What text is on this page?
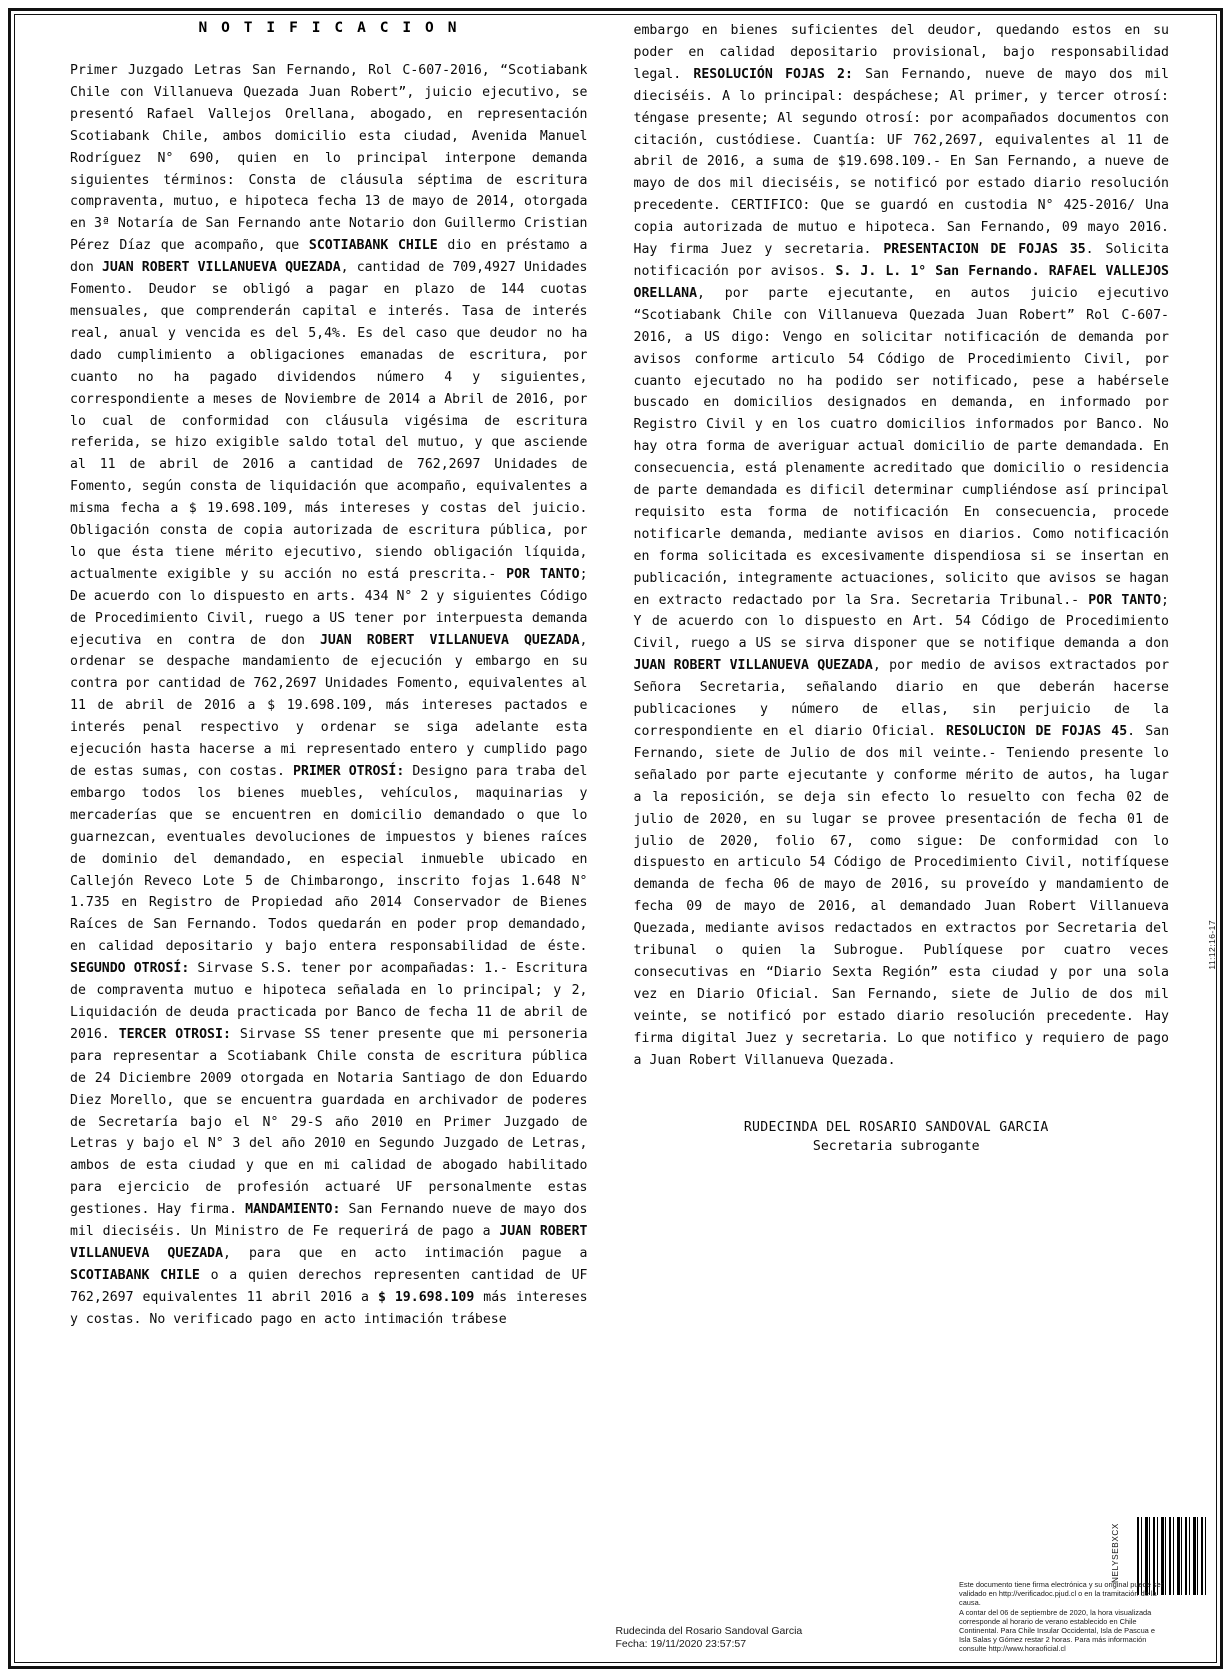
N O T I F I C A C I O N

Primer Juzgado Letras San Fernando, Rol C-607-2016, “Scotiabank Chile con Villanueva Quezada Juan Robert”, juicio ejecutivo, se presentó Rafael Vallejos Orellana, abogado, en representación Scotiabank Chile, ambos domicilio esta ciudad, Avenida Manuel Rodríguez N° 690, quien en lo principal interpone demanda siguientes términos: Consta de cláusula séptima de escritura compraventa, mutuo, e hipoteca fecha 13 de mayo de 2014, otorgada en 3ª Notaría de San Fernando ante Notario don Guillermo Cristian Pérez Díaz que acompaño, que SCOTIABANK CHILE dio en préstamo a don JUAN ROBERT VILLANUEVA QUEZADA, cantidad de 709,4927 Unidades Fomento. Deudor se obligó a pagar en plazo de 144 cuotas mensuales, que comprenderán capital e interés. Tasa de interés real, anual y vencida es del 5,4%. Es del caso que deudor no ha dado cumplimiento a obligaciones emanadas de escritura, por cuanto no ha pagado dividendos número 4 y siguientes, correspondiente a meses de Noviembre de 2014 a Abril de 2016, por lo cual de conformidad con cláusula vigésima de escritura referida, se hizo exigible saldo total del mutuo, y que asciende al 11 de abril de 2016 a cantidad de 762,2697 Unidades de Fomento, según consta de liquidación que acompaño, equivalentes a misma fecha a $ 19.698.109, más intereses y costas del juicio. Obligación consta de copia autorizada de escritura pública, por lo que ésta tiene mérito ejecutivo, siendo obligación líquida, actualmente exigible y su acción no está prescrita.- POR TANTO; De acuerdo con lo dispuesto en arts. 434 N° 2 y siguientes Código de Procedimiento Civil, ruego a US tener por interpuesta demanda ejecutiva en contra de don JUAN ROBERT VILLANUEVA QUEZADA, ordenar se despache mandamiento de ejecución y embargo en su contra por cantidad de 762,2697 Unidades Fomento, equivalentes al 11 de abril de 2016 a $ 19.698.109, más intereses pactados e interés penal respectivo y ordenar se siga adelante esta ejecución hasta hacerse a mi representado entero y cumplido pago de estas sumas, con costas. PRIMER OTROSÍ: Designo para traba del embargo todos los bienes muebles, vehículos, maquinarias y mercaderías que se encuentren en domicilio demandado o que lo guarnezcan, eventuales devoluciones de impuestos y bienes raíces de dominio del demandado, en especial inmueble ubicado en Callejón Reveco Lote 5 de Chimbarongo, inscrito fojas 1.648 N° 1.735 en Registro de Propiedad año 2014 Conservador de Bienes Raíces de San Fernando. Todos quedarán en poder prop demandado, en calidad depositario y bajo entera responsabilidad de éste. SEGUNDO OTROSÍ: Sirvase S.S. tener por acompañadas: 1.- Escritura de compraventa mutuo e hipoteca señalada en lo principal; y 2, Liquidación de deuda practicada por Banco de fecha 11 de abril de 2016. TERCER OTROSI: Sirvase SS tener presente que mi personeria para representar a Scotiabank Chile consta de escritura pública de 24 Diciembre 2009 otorgada en Notaria Santiago de don Eduardo Diez Morello, que se encuentra guardada en archivador de poderes de Secretaría bajo el N° 29-S año 2010 en Primer Juzgado de Letras y bajo el N° 3 del año 2010 en Segundo Juzgado de Letras, ambos de esta ciudad y que en mi calidad de abogado habilitado para ejercicio de profesión actuaré UF personalmente estas gestiones. Hay firma. MANDAMIENTO: San Fernando nueve de mayo dos mil dieciséis. Un Ministro de Fe requerirá de pago a JUAN ROBERT VILLANUEVA QUEZADA, para que en acto intimación pague a SCOTIABANK CHILE o a quien derechos representen cantidad de UF 762,2697 equivalentes 11 abril 2016 a $ 19.698.109 más intereses y costas. No verificado pago en acto intimación trábese

embargo en bienes suficientes del deudor, quedando estos en su poder en calidad depositario provisional, bajo responsabilidad legal. RESOLUCIÓN FOJAS 2: San Fernando, nueve de mayo dos mil dieciséis. A lo principal: despáchese; Al primer, y tercer otrosí: téngase presente; Al segundo otrosí: por acompañados documentos con citación, custódiese. Cuantía: UF 762,2697, equivalentes al 11 de abril de 2016, a suma de $19.698.109.- En San Fernando, a nueve de mayo de dos mil dieciséis, se notificó por estado diario resolución precedente. CERTIFICO: Que se guardó en custodia N° 425-2016/ Una copia autorizada de mutuo e hipoteca. San Fernando, 09 mayo 2016. Hay firma Juez y secretaria. PRESENTACION DE FOJAS 35. Solicita notificación por avisos. S. J. L. 1° San Fernando. RAFAEL VALLEJOS ORELLANA, por parte ejecutante, en autos juicio ejecutivo “Scotiabank Chile con Villanueva Quezada Juan Robert” Rol C-607-2016, a US digo: Vengo en solicitar notificación de demanda por avisos conforme articulo 54 Código de Procedimiento Civil, por cuanto ejecutado no ha podido ser notificado, pese a habérsele buscado en domicilios designados en demanda, en informado por Registro Civil y en los cuatro domicilios informados por Banco. No hay otra forma de averiguar actual domicilio de parte demandada. En consecuencia, está plenamente acreditado que domicilio o residencia de parte demandada es dificil determinar cumpliéndose así principal requisito esta forma de notificación En consecuencia, procede notificarle demanda, mediante avisos en diarios. Como notificación en forma solicitada es excesivamente dispendiosa si se insertan en publicación, integramente actuaciones, solicito que avisos se hagan en extracto redactado por la Sra. Secretaria Tribunal.- POR TANTO; Y de acuerdo con lo dispuesto en Art. 54 Código de Procedimiento Civil, ruego a US se sirva disponer que se notifique demanda a don JUAN ROBERT VILLANUEVA QUEZADA, por medio de avisos extractados por Señora Secretaria, señalando diario en que deberán hacerse publicaciones y número de ellas, sin perjuicio de la correspondiente en el diario Oficial. RESOLUCION DE FOJAS 45. San Fernando, siete de Julio de dos mil veinte.- Teniendo presente lo señalado por parte ejecutante y conforme mérito de autos, ha lugar a la reposición, se deja sin efecto lo resuelto con fecha 02 de julio de 2020, en su lugar se provee presentación de fecha 01 de julio de 2020, folio 67, como sigue: De conformidad con lo dispuesto en articulo 54 Código de Procedimiento Civil, notifíquese demanda de fecha 06 de mayo de 2016, su proveído y mandamiento de fecha 09 de mayo de 2016, al demandado Juan Robert Villanueva Quezada, mediante avisos redactados en extractos por Secretaria del tribunal o quien la Subrogue. Publíquese por cuatro veces consecutivas en “Diario Sexta Región” esta ciudad y por una sola vez en Diario Oficial. San Fernando, siete de Julio de dos mil veinte, se notificó por estado diario resolución precedente. Hay firma digital Juez y secretaria. Lo que notifico y requiero de pago a Juan Robert Villanueva Quezada.

RUDECINDA DEL ROSARIO SANDOVAL GARCIA
Secretaria subrogante
Rudecinda del Rosario Sandoval Garcia
Fecha: 19/11/2020 23:57:57
NELYSEBXCX
Este documento tiene firma electrónica y su original puede ser
validado en http://verificadoc.pjud.cl o en la tramitación de la
causa.
A contar del 06 de septiembre de 2020, la hora visualizada
corresponde al horario de verano establecido en Chile
Continental. Para Chile Insular Occidental, Isla de Pascua e
Isla Salas y Gómez restar 2 horas. Para más información
consulte http://www.horaoficial.cl
11:12:16-17
